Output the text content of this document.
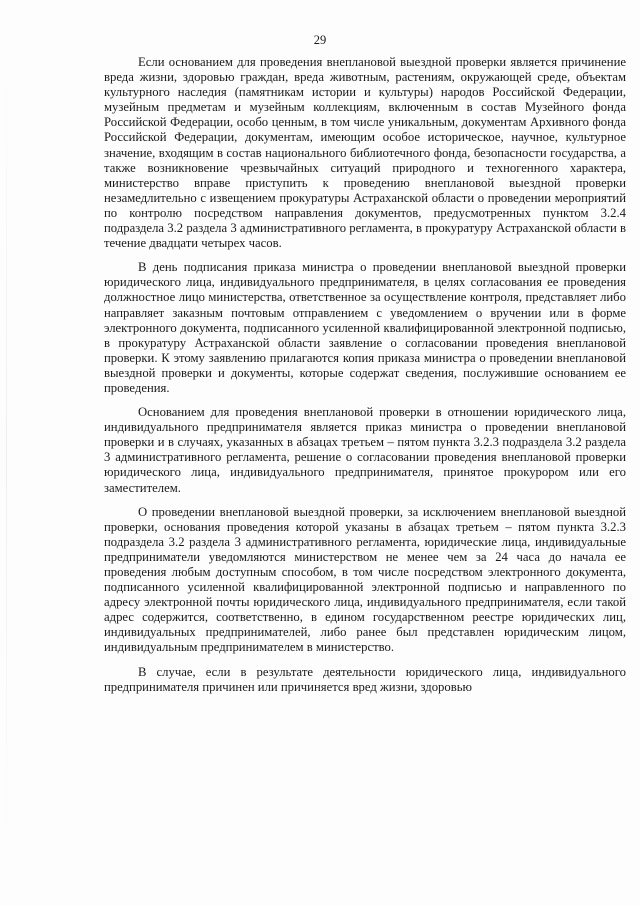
29

Если основанием для проведения внеплановой выездной проверки является причинение вреда жизни, здоровью граждан, вреда животным, растениям, окружающей среде, объектам культурного наследия (памятникам истории и культуры) народов Российской Федерации, музейным предметам и музейным коллекциям, включенным в состав Музейного фонда Российской Федерации, особо ценным, в том числе уникальным, документам Архивного фонда Российской Федерации, документам, имеющим особое историческое, научное, культурное значение, входящим в состав национального библиотечного фонда, безопасности государства, а также возникновение чрезвычайных ситуаций природного и техногенного характера, министерство вправе приступить к проведению внеплановой выездной проверки незамедлительно с извещением прокуратуры Астраханской области о проведении мероприятий по контролю посредством направления документов, предусмотренных пунктом 3.2.4 подраздела 3.2 раздела 3 административного регламента, в прокуратуру Астраханской области в течение двадцати четырех часов.

В день подписания приказа министра о проведении внеплановой выездной проверки юридического лица, индивидуального предпринимателя, в целях согласования ее проведения должностное лицо министерства, ответственное за осуществление контроля, представляет либо направляет заказным почтовым отправлением с уведомлением о вручении или в форме электронного документа, подписанного усиленной квалифицированной электронной подписью, в прокуратуру Астраханской области заявление о согласовании проведения внеплановой проверки. К этому заявлению прилагаются копия приказа министра о проведении внеплановой выездной проверки и документы, которые содержат сведения, послужившие основанием ее проведения.

Основанием для проведения внеплановой проверки в отношении юридического лица, индивидуального предпринимателя является приказ министра о проведении внеплановой проверки и в случаях, указанных в абзацах третьем – пятом пункта 3.2.3 подраздела 3.2 раздела 3 административного регламента, решение о согласовании проведения внеплановой проверки юридического лица, индивидуального предпринимателя, принятое прокурором или его заместителем.

О проведении внеплановой выездной проверки, за исключением внеплановой выездной проверки, основания проведения которой указаны в абзацах третьем – пятом пункта 3.2.3 подраздела 3.2 раздела 3 административного регламента, юридические лица, индивидуальные предприниматели уведомляются министерством не менее чем за 24 часа до начала ее проведения любым доступным способом, в том числе посредством электронного документа, подписанного усиленной квалифицированной электронной подписью и направленного по адресу электронной почты юридического лица, индивидуального предпринимателя, если такой адрес содержится, соответственно, в едином государственном реестре юридических лиц, индивидуальных предпринимателей, либо ранее был представлен юридическим лицом, индивидуальным предпринимателем в министерство.

В случае, если в результате деятельности юридического лица, индивидуального предпринимателя причинен или причиняется вред жизни, здоровью
